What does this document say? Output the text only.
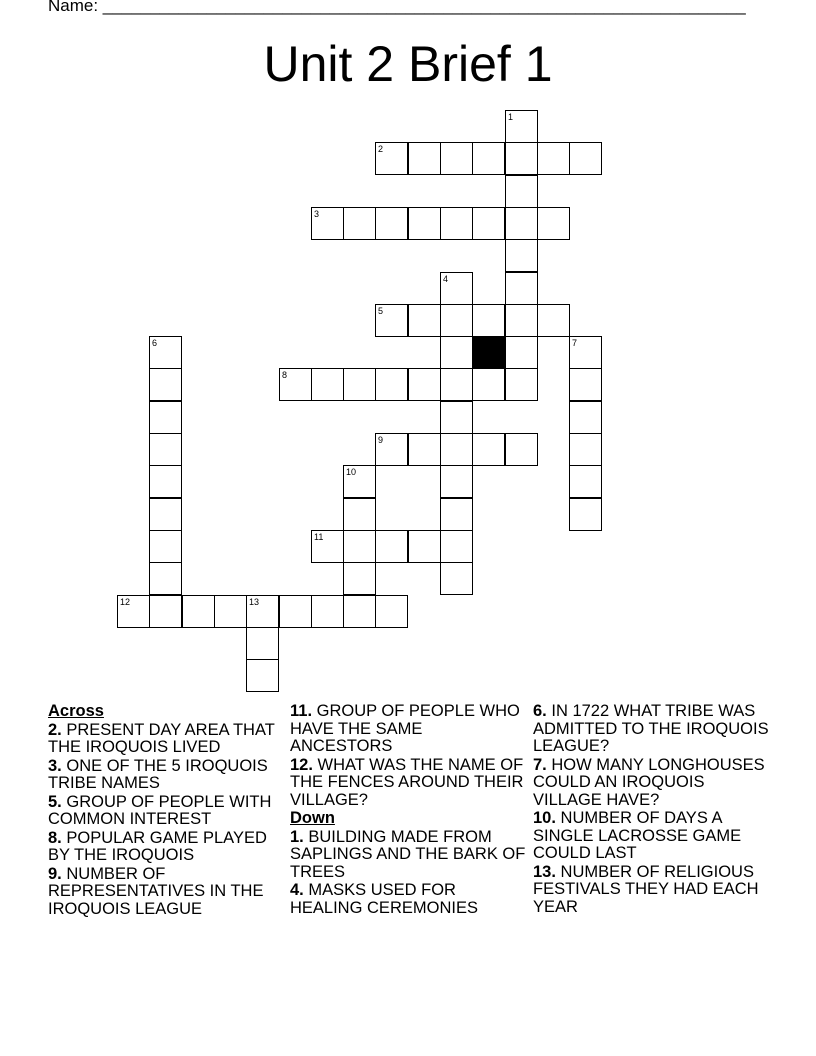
Name: ____________________________________________________________________
Unit 2 Brief 1
1
2
3
4
5
6	7
8
9
10
11
12	13
Across
2. PRESENT DAY AREA THAT THE IROQUOIS LIVED
3. ONE OF THE 5 IROQUOIS TRIBE NAMES
5. GROUP OF PEOPLE WITH COMMON INTEREST
8. POPULAR GAME PLAYED BY THE IROQUOIS
9. NUMBER OF REPRESENTATIVES IN THE IROQUOIS LEAGUE
11. GROUP OF PEOPLE WHO HAVE THE SAME ANCESTORS
12. WHAT WAS THE NAME OF THE FENCES AROUND THEIR VILLAGE?
Down
1. BUILDING MADE FROM SAPLINGS AND THE BARK OF TREES
4. MASKS USED FOR HEALING CEREMONIES
6. IN 1722 WHAT TRIBE WAS ADMITTED TO THE IROQUOIS LEAGUE?
7. HOW MANY LONGHOUSES COULD AN IROQUOIS VILLAGE HAVE?
10. NUMBER OF DAYS A SINGLE LACROSSE GAME COULD LAST
13. NUMBER OF RELIGIOUS FESTIVALS THEY HAD EACH YEAR
